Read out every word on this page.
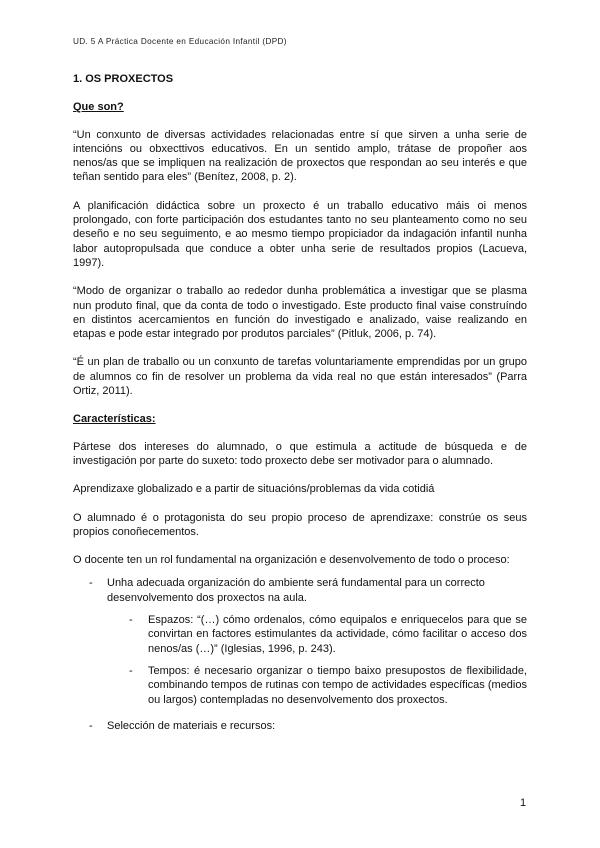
UD. 5 A Práctica Docente en Educación Infantil (DPD)
1. OS PROXECTOS
Que son?

“Un conxunto de diversas actividades relacionadas entre sí que sirven a unha serie de intencións ou obxecttivos educativos. En un sentido amplo, trátase de propoñer aos nenos/as que se impliquen na realización de proxectos que respondan ao seu interés e que teñan sentido para eles” (Benítez, 2008, p. 2).

A planificación didáctica sobre un proxecto é un traballo educativo máis oi menos prolongado, con forte participación dos estudantes tanto no seu planteamento como no seu deseño e no seu seguimento, e ao mesmo tiempo propiciador da indagación infantil nunha labor autopropulsada que conduce a obter unha serie de resultados propios (Lacueva, 1997).

“Modo de organizar o traballo ao rededor dunha problemática a investigar que se plasma nun produto final, que da conta de todo o investigado. Este producto final vaise construíndo en distintos acercamientos en función do investigado e analizado, vaise realizando en etapas e pode estar integrado por produtos parciales” (Pitluk, 2006, p. 74).

“É un plan de traballo ou un conxunto de tarefas voluntariamente emprendidas por un grupo de alumnos co fin de resolver un problema da vida real no que están interesados” (Parra Ortiz, 2011).

Características:

Pártese dos intereses do alumnado, o que estimula a actitude de búsqueda e de investigación por parte do suxeto: todo proxecto debe ser motivador para o alumnado.

Aprendizaxe globalizado e a partir de situacións/problemas da vida cotidiá

O alumnado é o protagonista do seu propio proceso de aprendizaxe: constrúe os seus propios conoñecementos.

O docente ten un rol fundamental na organización e desenvolvemento de todo o proceso:

- Unha adecuada organización do ambiente será fundamental para un correcto desenvolvemento dos proxectos na aula.
- Espazos: “(…) cómo ordenalos, cómo equipalos e enriquecelos para que se convirtan en factores estimulantes da actividade, cómo facilitar o acceso dos nenos/as (…)” (Iglesias, 1996, p. 243).
- Tempos: é necesario organizar o tiempo baixo presupostos de flexibilidade, combinando tempos de rutinas con tempo de actividades específicas (medios ou largos) contempladas no desenvolvemento dos proxectos.
- Selección de materiais e recursos:
1
